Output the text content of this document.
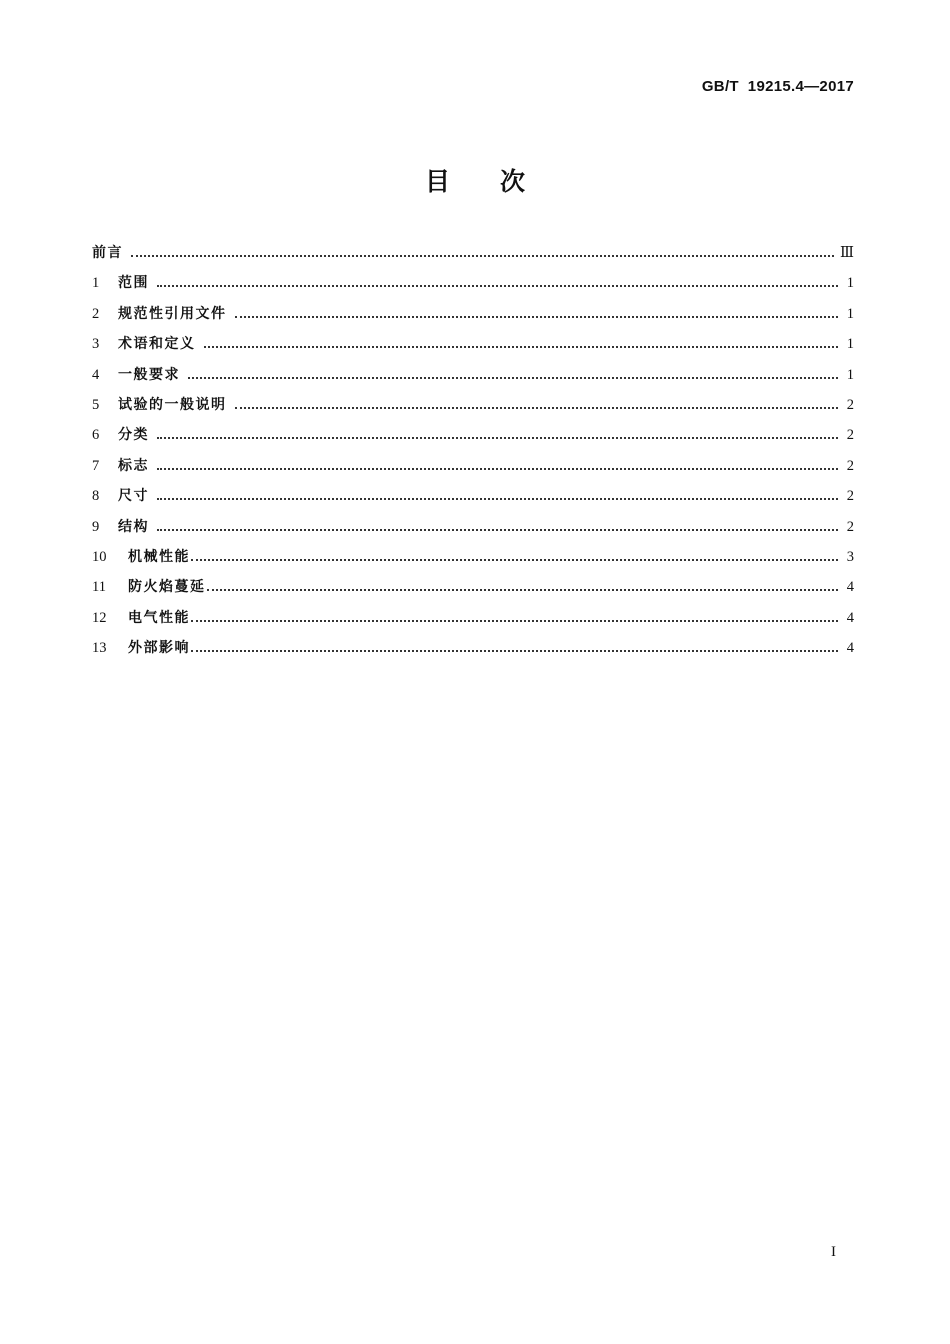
GB/T  19215.4—2017
目次
前言	Ⅲ
1	范围	1
2	规范性引用文件	1
3	术语和定义	1
4	一般要求	1
5	试验的一般说明	2
6	分类	2
7	标志	2
8	尺寸	2
9	结构	2
10	机械性能	3
11	防火焰蔓延	4
12	电气性能	4
13	外部影响	4
I
